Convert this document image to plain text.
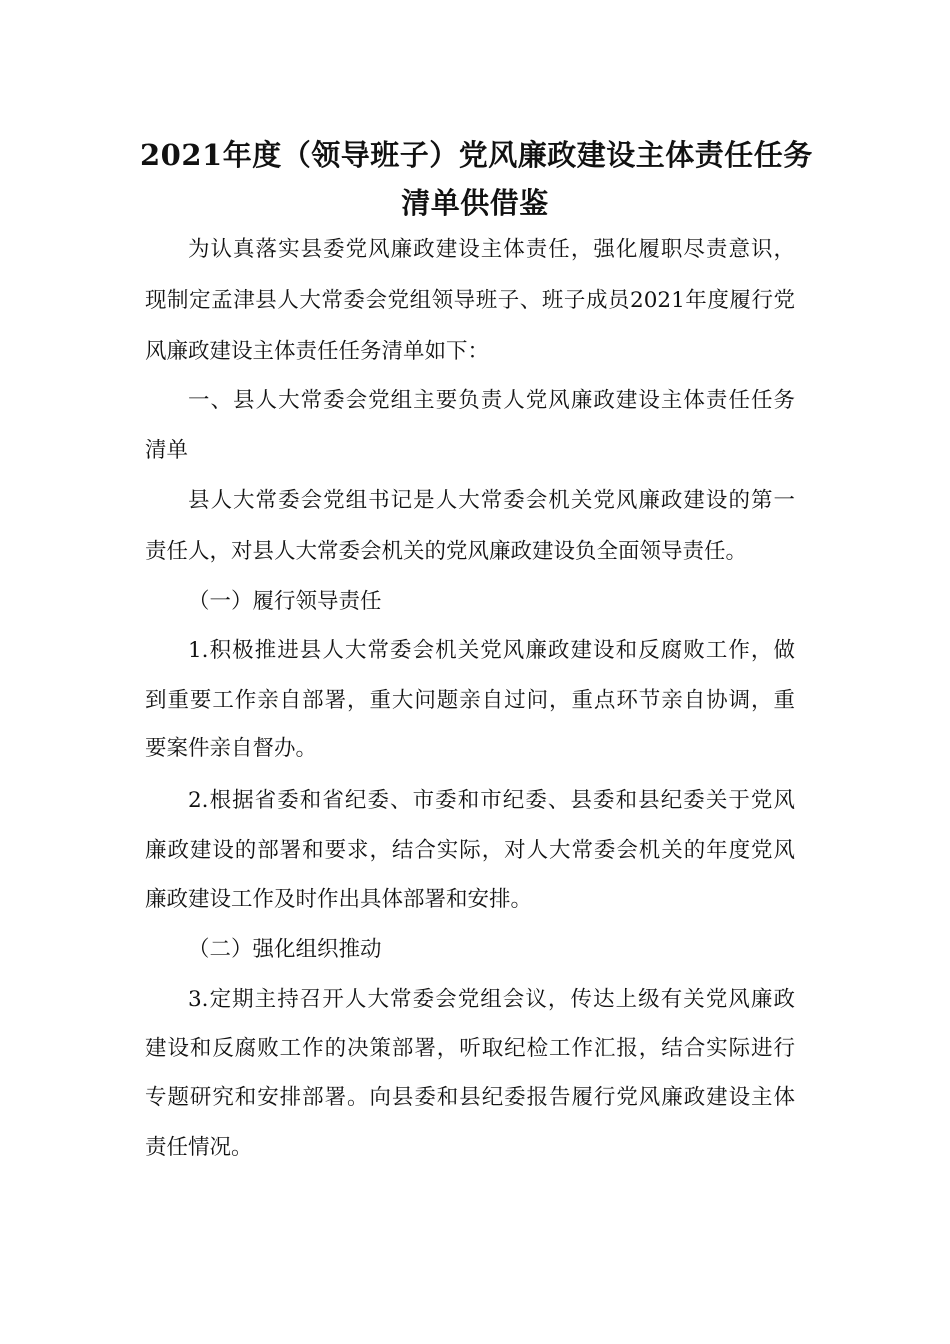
2021年度（领导班子）党风廉政建设主体责任任务
清单供借鉴
为认真落实县委党风廉政建设主体责任，强化履职尽责意识，
现制定孟津县人大常委会党组领导班子、班子成员2021年度履行党
风廉政建设主体责任任务清单如下：
一、县人大常委会党组主要负责人党风廉政建设主体责任任务
清单
县人大常委会党组书记是人大常委会机关党风廉政建设的第一
责任人，对县人大常委会机关的党风廉政建设负全面领导责任。
（一）履行领导责任
1.积极推进县人大常委会机关党风廉政建设和反腐败工作，做
到重要工作亲自部署，重大问题亲自过问，重点环节亲自协调，重
要案件亲自督办。
2.根据省委和省纪委、市委和市纪委、县委和县纪委关于党风
廉政建设的部署和要求，结合实际，对人大常委会机关的年度党风
廉政建设工作及时作出具体部署和安排。
（二）强化组织推动
3.定期主持召开人大常委会党组会议，传达上级有关党风廉政
建设和反腐败工作的决策部署，听取纪检工作汇报，结合实际进行
专题研究和安排部署。向县委和县纪委报告履行党风廉政建设主体
责任情况。
